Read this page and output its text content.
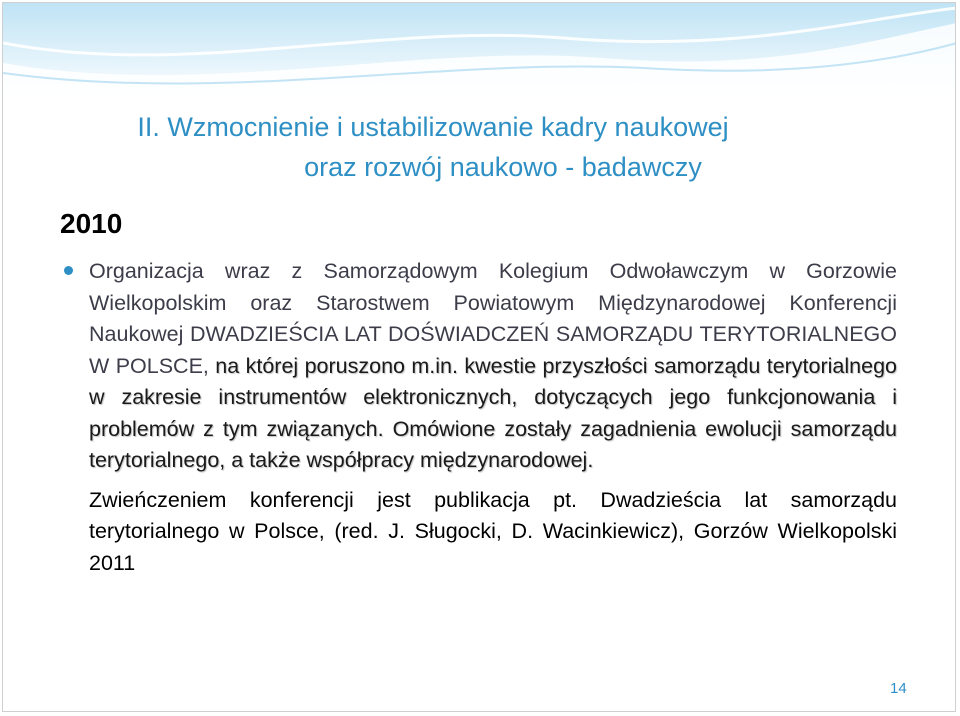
II. Wzmocnienie i ustabilizowanie kadry naukowej
oraz rozwój naukowo - badawczy
2010

Organizacja wraz z Samorządowym Kolegium Odwoławczym w Gorzowie Wielkopolskim oraz Starostwem Powiatowym Międzynarodowej Konferencji Naukowej DWADZIEŚCIA LAT DOŚWIADCZEŃ SAMORZĄDU TERYTORIALNEGO W POLSCE, na której poruszono m.in. kwestie przyszłości samorządu terytorialnego w zakresie instrumentów elektronicznych, dotyczących jego funkcjonowania i problemów z tym związanych. Omówione zostały zagadnienia ewolucji samorządu terytorialnego, a także współpracy międzynarodowej.

Zwieńczeniem konferencji jest publikacja pt. Dwadzieścia lat samorządu terytorialnego w Polsce, (red. J. Sługocki, D. Wacinkiewicz), Gorzów Wielkopolski 2011

14
